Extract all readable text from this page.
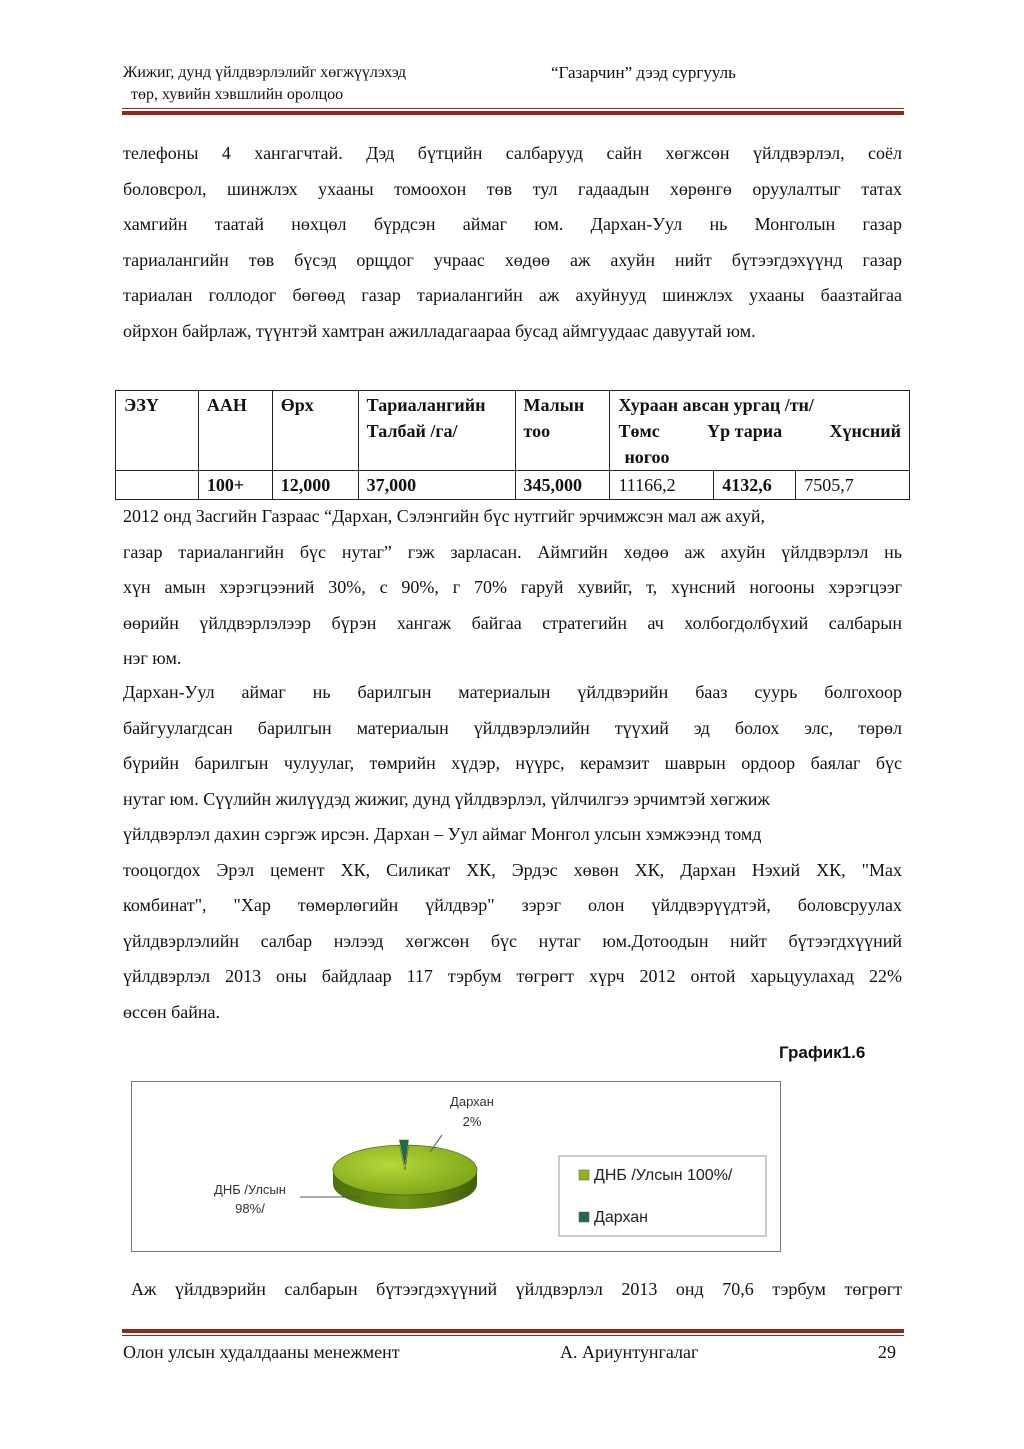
Жижиг, дунд үйлдвэрлэлийг хөгжүүлэхэд
төр, хувийн хэвшлийн оролцоо
“Газарчин” дээд сургууль
телефоны 4 хангагчтай. Дэд бүтцийн салбарууд сайн хөгжсөн үйлдвэрлэл, соёл
боловсрол, шинжлэх ухааны томоохон төв тул гадаадын хөрөнгө оруулалтыг татах
хамгийн таатай нөхцөл бүрдсэн аймаг юм. Дархан-Уул нь Монголын газар
тариалангийн төв бүсэд орщдог учраас хөдөө аж ахуйн нийт бүтээгдэхүүнд газар
тариалан голлодог бөгөөд газар тариалангийн аж ахуйнууд шинжлэх ухааны баазтайгаа
ойрхон байрлаж, түүнтэй хамтран ажилладагаараа бусад аймгуудаас давуутай юм.
ЭЗҮ	ААН	Өрх	Тариалангийн Талбай /га/	Малын тоо	Хураан авсан ургац /тн/
Төмс Үр тариа Хүнсний
ногоо		

	100+	12,000	37,000	345,000	11166,2	4132,6	7505,7
2012 онд Засгийн Газраас “Дархан, Сэлэнгийн бүс нутгийг эрчимжсэн мал аж ахуй,
газар тариалангийн бүс нутаг” гэж зарласан. Аймгийн хөдөө аж ахуйн үйлдвэрлэл нь
хүн амын хэрэгцээний 30%, с 90%, г 70% гаруй хувийг, т, хүнсний ногооны хэрэгцээг
өөрийн үйлдвэрлэлээр бүрэн хангаж байгаа стратегийн ач холбогдолбүхий салбарын
нэг юм.
Дархан-Уул аймаг нь барилгын материалын үйлдвэрийн бааз суурь болгохоор
байгуулагдсан барилгын материалын үйлдвэрлэлийн түүхий эд болох элс, төрөл
бүрийн барилгын чулуулаг, төмрийн хүдэр, нүүрс, керамзит шаврын ордоор баялаг бүс
нутаг юм. Сүүлийн жилүүдэд жижиг, дунд үйлдвэрлэл, үйлчилгээ эрчимтэй хөгжиж
үйлдвэрлэл дахин сэргэж ирсэн. Дархан – Уул аймаг Монгол улсын хэмжээнд томд
тооцогдох Эрэл цемент ХК, Силикат ХК, Эрдэс хөвөн ХК, Дархан Нэхий ХК, "Мах
комбинат", "Хар төмөрлөгийн үйлдвэр" зэрэг олон үйлдвэрүүдтэй, боловсруулах
үйлдвэрлэлийн салбар нэлээд хөгжсөн бүс нутаг юм.Дотоодын нийт бүтээгдхүүний
үйлдвэрлэл 2013 оны байдлаар 117 тэрбум төгрөгт хүрч 2012 онтой харьцуулахад 22%
өссөн байна.
График1.6
Дархан
2%
ДНБ /Улсын
98%/
ДНБ /Улсын 100%/
Дархан
Аж үйлдвэрийн салбарын бүтээгдэхүүний үйлдвэрлэл 2013 онд 70,6 тэрбум төгрөгт
Олон улсын худалдааны менежмент	А. Ариунтунгалаг	29
